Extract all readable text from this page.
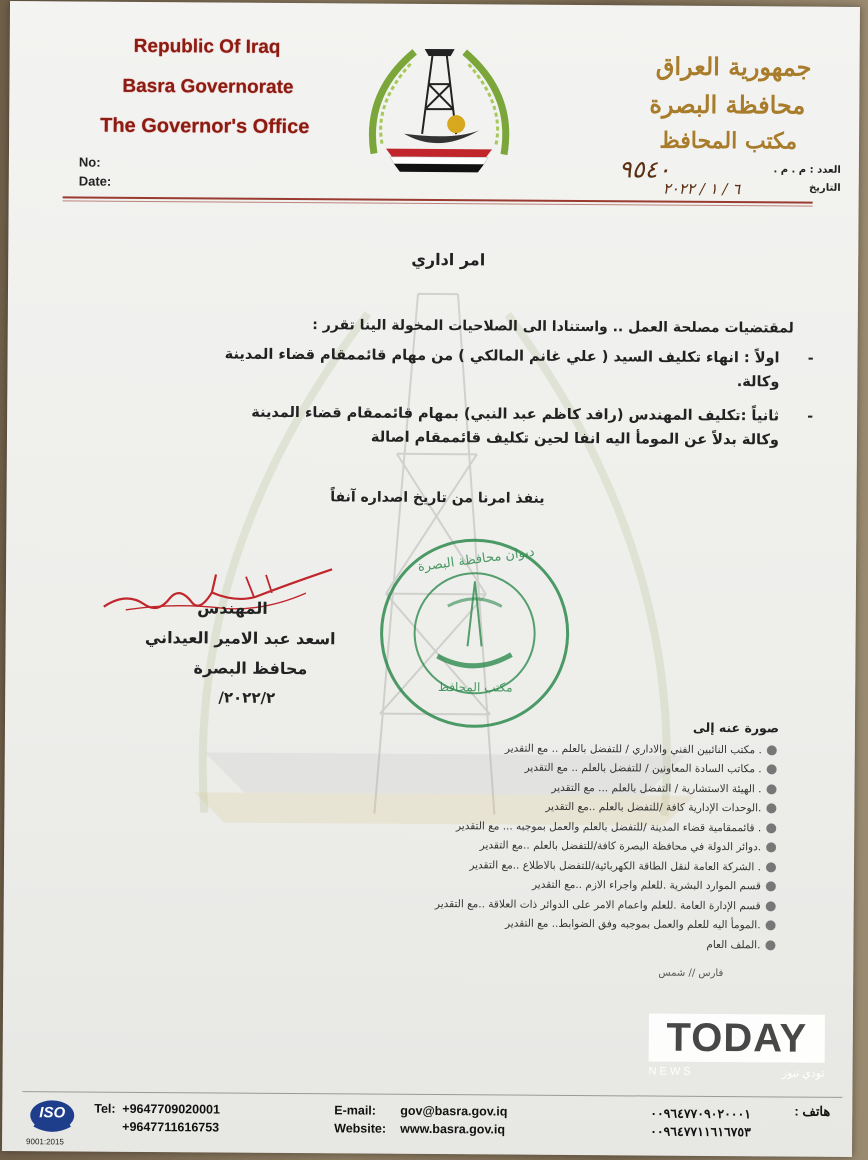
Republic Of Iraq
Basra Governorate
The Governor's Office
No:
Date:
جمهورية العراق
محافظة البصرة
مكتب المحافظ
العدد : م . م .
التاريخ
٩٥٤٠
٦ / ١ / ٢٠٢٢
امر اداري
لمقتضيات مصلحة العمل .. واستنادا الى الصلاحيات المخولة الينا تقرر :
-
اولاً : انهاء تكليف السيد ( علي غانم المالكي ) من مهام قائممقام قضاء المدينة
وكالة.
-
ثانياً :تكليف المهندس (رافد كاظم عبد النبي) بمهام قائممقام قضاء المدينة
وكالة بدلاً عن المومأ اليه انفا لحين تكليف قائممقام اصالة
ينفذ امرنا من تاريخ اصداره آنفاً
المهندس
اسعد عبد الامير العيداني
محافظ البصرة
٢٠٢٢/٢/
ديوان محافظة البصرة
مكتب المحافظ
صورة عنه إلى
مكتب النائبين الفني والاداري / للتفضل بالعلم .. مع التقدير .
مكاتب السادة المعاونين / للتفضل بالعلم .. مع التقدير .
الهيئة الاستشارية / التفضل بالعلم ... مع التقدير .
الوحدات الإدارية كافة /للتفضل بالعلم ..مع التقدير.
قائممقامية قضاء المدينة /للتفضل بالعلم والعمل بموجبه ... مع التقدير .
دوائر الدولة في محافظة البصرة كافة/للتفضل بالعلم ..مع التقدير.
الشركة العامة لنقل الطاقة الكهربائية/للتفضل بالاطلاع ..مع التقدير .
قسم الموارد البشرية .للعلم واجراء الازم ..مع التقدير
قسم الإدارة العامة .للعلم واعمام الامر على الدوائر ذات العلاقة ..مع التقدير
المومأ اليه للعلم والعمل بموجبه وفق الضوابط.. مع التقدير.
الملف العام.
فارس // شمس
TODAY
NEWS	تودي نيوز
ISO
9001:2015
Tel: +9647709020001
+9647711616753
E-mail: gov@basra.gov.iq
Website: www.basra.gov.iq
هاتف :
٠٠٩٦٤٧٧٠٩٠٢٠٠٠١
٠٠٩٦٤٧٧١١٦١٦٧٥٣
